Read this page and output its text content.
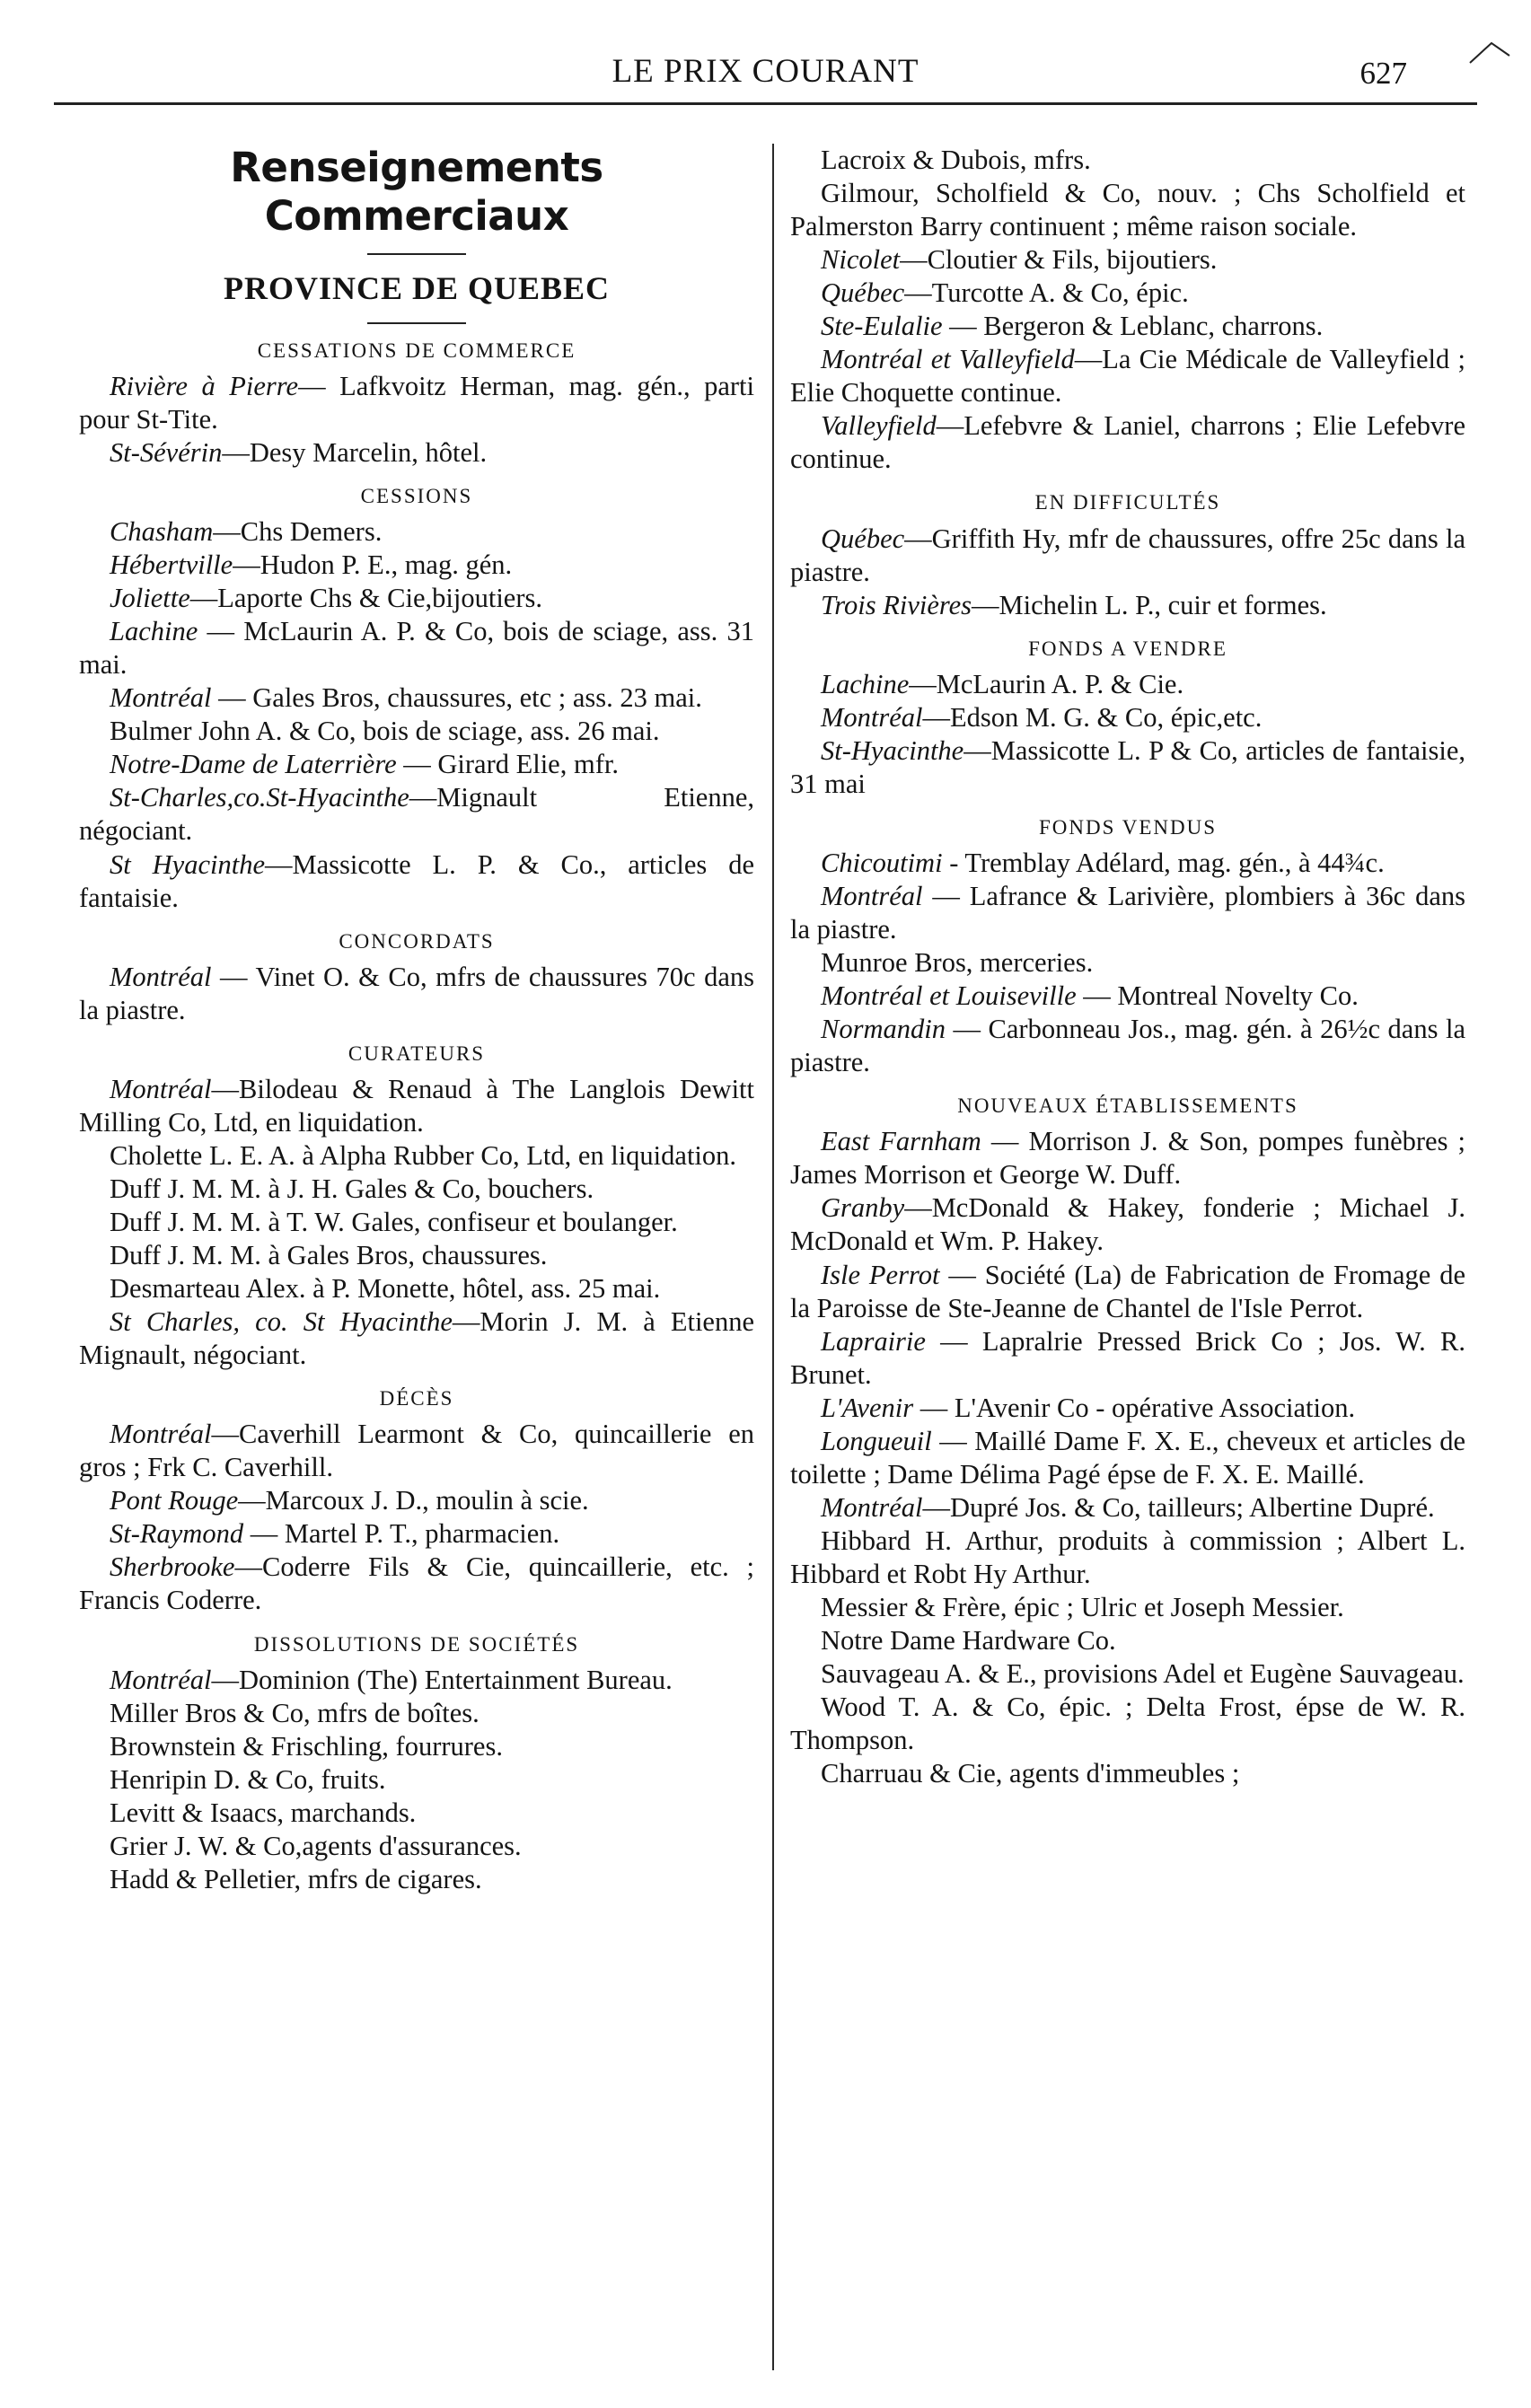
LE PRIX COURANT	627
Renseignements Commerciaux
PROVINCE DE QUEBEC
CESSATIONS DE COMMERCE

Rivière à Pierre— Lafkvoitz Herman, mag. gén., parti pour St-Tite.

St-Sévérin—Desy Marcelin, hôtel.

CESSIONS

Chasham—Chs Demers.

Hébertville—Hudon P. E., mag. gén.

Joliette—Laporte Chs & Cie,bijoutiers.

Lachine — McLaurin A. P. & Co, bois de sciage, ass. 31 mai.

Montréal — Gales Bros, chaussures, etc ; ass. 23 mai.

Bulmer John A. & Co, bois de sciage, ass. 26 mai.

Notre-Dame de Laterrière — Girard Elie, mfr.

St-Charles,co.St-Hyacinthe—Mignault Etienne, négociant.

St Hyacinthe—Massicotte L. P. & Co., articles de fantaisie.

CONCORDATS

Montréal — Vinet O. & Co, mfrs de chaussures 70c dans la piastre.

CURATEURS

Montréal—Bilodeau & Renaud à The Langlois Dewitt Milling Co, Ltd, en liquidation.

Cholette L. E. A. à Alpha Rubber Co, Ltd, en liquidation.

Duff J. M. M. à J. H. Gales & Co, bouchers.

Duff J. M. M. à T. W. Gales, confiseur et boulanger.

Duff J. M. M. à Gales Bros, chaussures.

Desmarteau Alex. à P. Monette, hôtel, ass. 25 mai.

St Charles, co. St Hyacinthe—Morin J. M. à Etienne Mignault, négociant.

DÉCÈS

Montréal—Caverhill Learmont & Co, quincaillerie en gros ; Frk C. Caverhill.

Pont Rouge—Marcoux J. D., moulin à scie.

St-Raymond — Martel P. T., pharmacien.

Sherbrooke—Coderre Fils & Cie, quincaillerie, etc. ; Francis Coderre.

DISSOLUTIONS DE SOCIÉTÉS

Montréal—Dominion (The) Entertainment Bureau.

Miller Bros & Co, mfrs de boîtes.

Brownstein & Frischling, fourrures.

Henripin D. & Co, fruits.

Levitt & Isaacs, marchands.

Grier J. W. & Co,agents d'assurances.

Hadd & Pelletier, mfrs de cigares.

Lacroix & Dubois, mfrs.

Gilmour, Scholfield & Co, nouv. ; Chs Scholfield et Palmerston Barry continuent ; même raison sociale.

Nicolet—Cloutier & Fils, bijoutiers.

Québec—Turcotte A. & Co, épic.

Ste-Eulalie — Bergeron & Leblanc, charrons.

Montréal et Valleyfield—La Cie Médicale de Valleyfield ; Elie Choquette continue.

Valleyfield—Lefebvre & Laniel, charrons ; Elie Lefebvre continue.

EN DIFFICULTÉS

Québec—Griffith Hy, mfr de chaussures, offre 25c dans la piastre.

Trois Rivières—Michelin L. P., cuir et formes.

FONDS A VENDRE

Lachine—McLaurin A. P. & Cie.

Montréal—Edson M. G. & Co, épic,etc.

St-Hyacinthe—Massicotte L. P & Co, articles de fantaisie, 31 mai

FONDS VENDUS

Chicoutimi - Tremblay Adélard, mag. gén., à 44¾c.

Montréal — Lafrance & Larivière, plombiers à 36c dans la piastre.

Munroe Bros, merceries.

Montréal et Louiseville — Montreal Novelty Co.

Normandin — Carbonneau Jos., mag. gén. à 26½c dans la piastre.

NOUVEAUX ÉTABLISSEMENTS

East Farnham — Morrison J. & Son, pompes funèbres ; James Morrison et George W. Duff.

Granby—McDonald & Hakey, fonderie ; Michael J. McDonald et Wm. P. Hakey.

Isle Perrot — Société (La) de Fabrication de Fromage de la Paroisse de Ste-Jeanne de Chantel de l'Isle Perrot.

Laprairie — Lapralrie Pressed Brick Co ; Jos. W. R. Brunet.

L'Avenir — L'Avenir Co - opérative Association.

Longueuil — Maillé Dame F. X. E., cheveux et articles de toilette ; Dame Délima Pagé épse de F. X. E. Maillé.

Montréal—Dupré Jos. & Co, tailleurs; Albertine Dupré.

Hibbard H. Arthur, produits à commission ; Albert L. Hibbard et Robt Hy Arthur.

Messier & Frère, épic ; Ulric et Joseph Messier.

Notre Dame Hardware Co.

Sauvageau A. & E., provisions Adel et Eugène Sauvageau.

Wood T. A. & Co, épic. ; Delta Frost, épse de W. R. Thompson.

Charruau & Cie, agents d'immeubles ;
